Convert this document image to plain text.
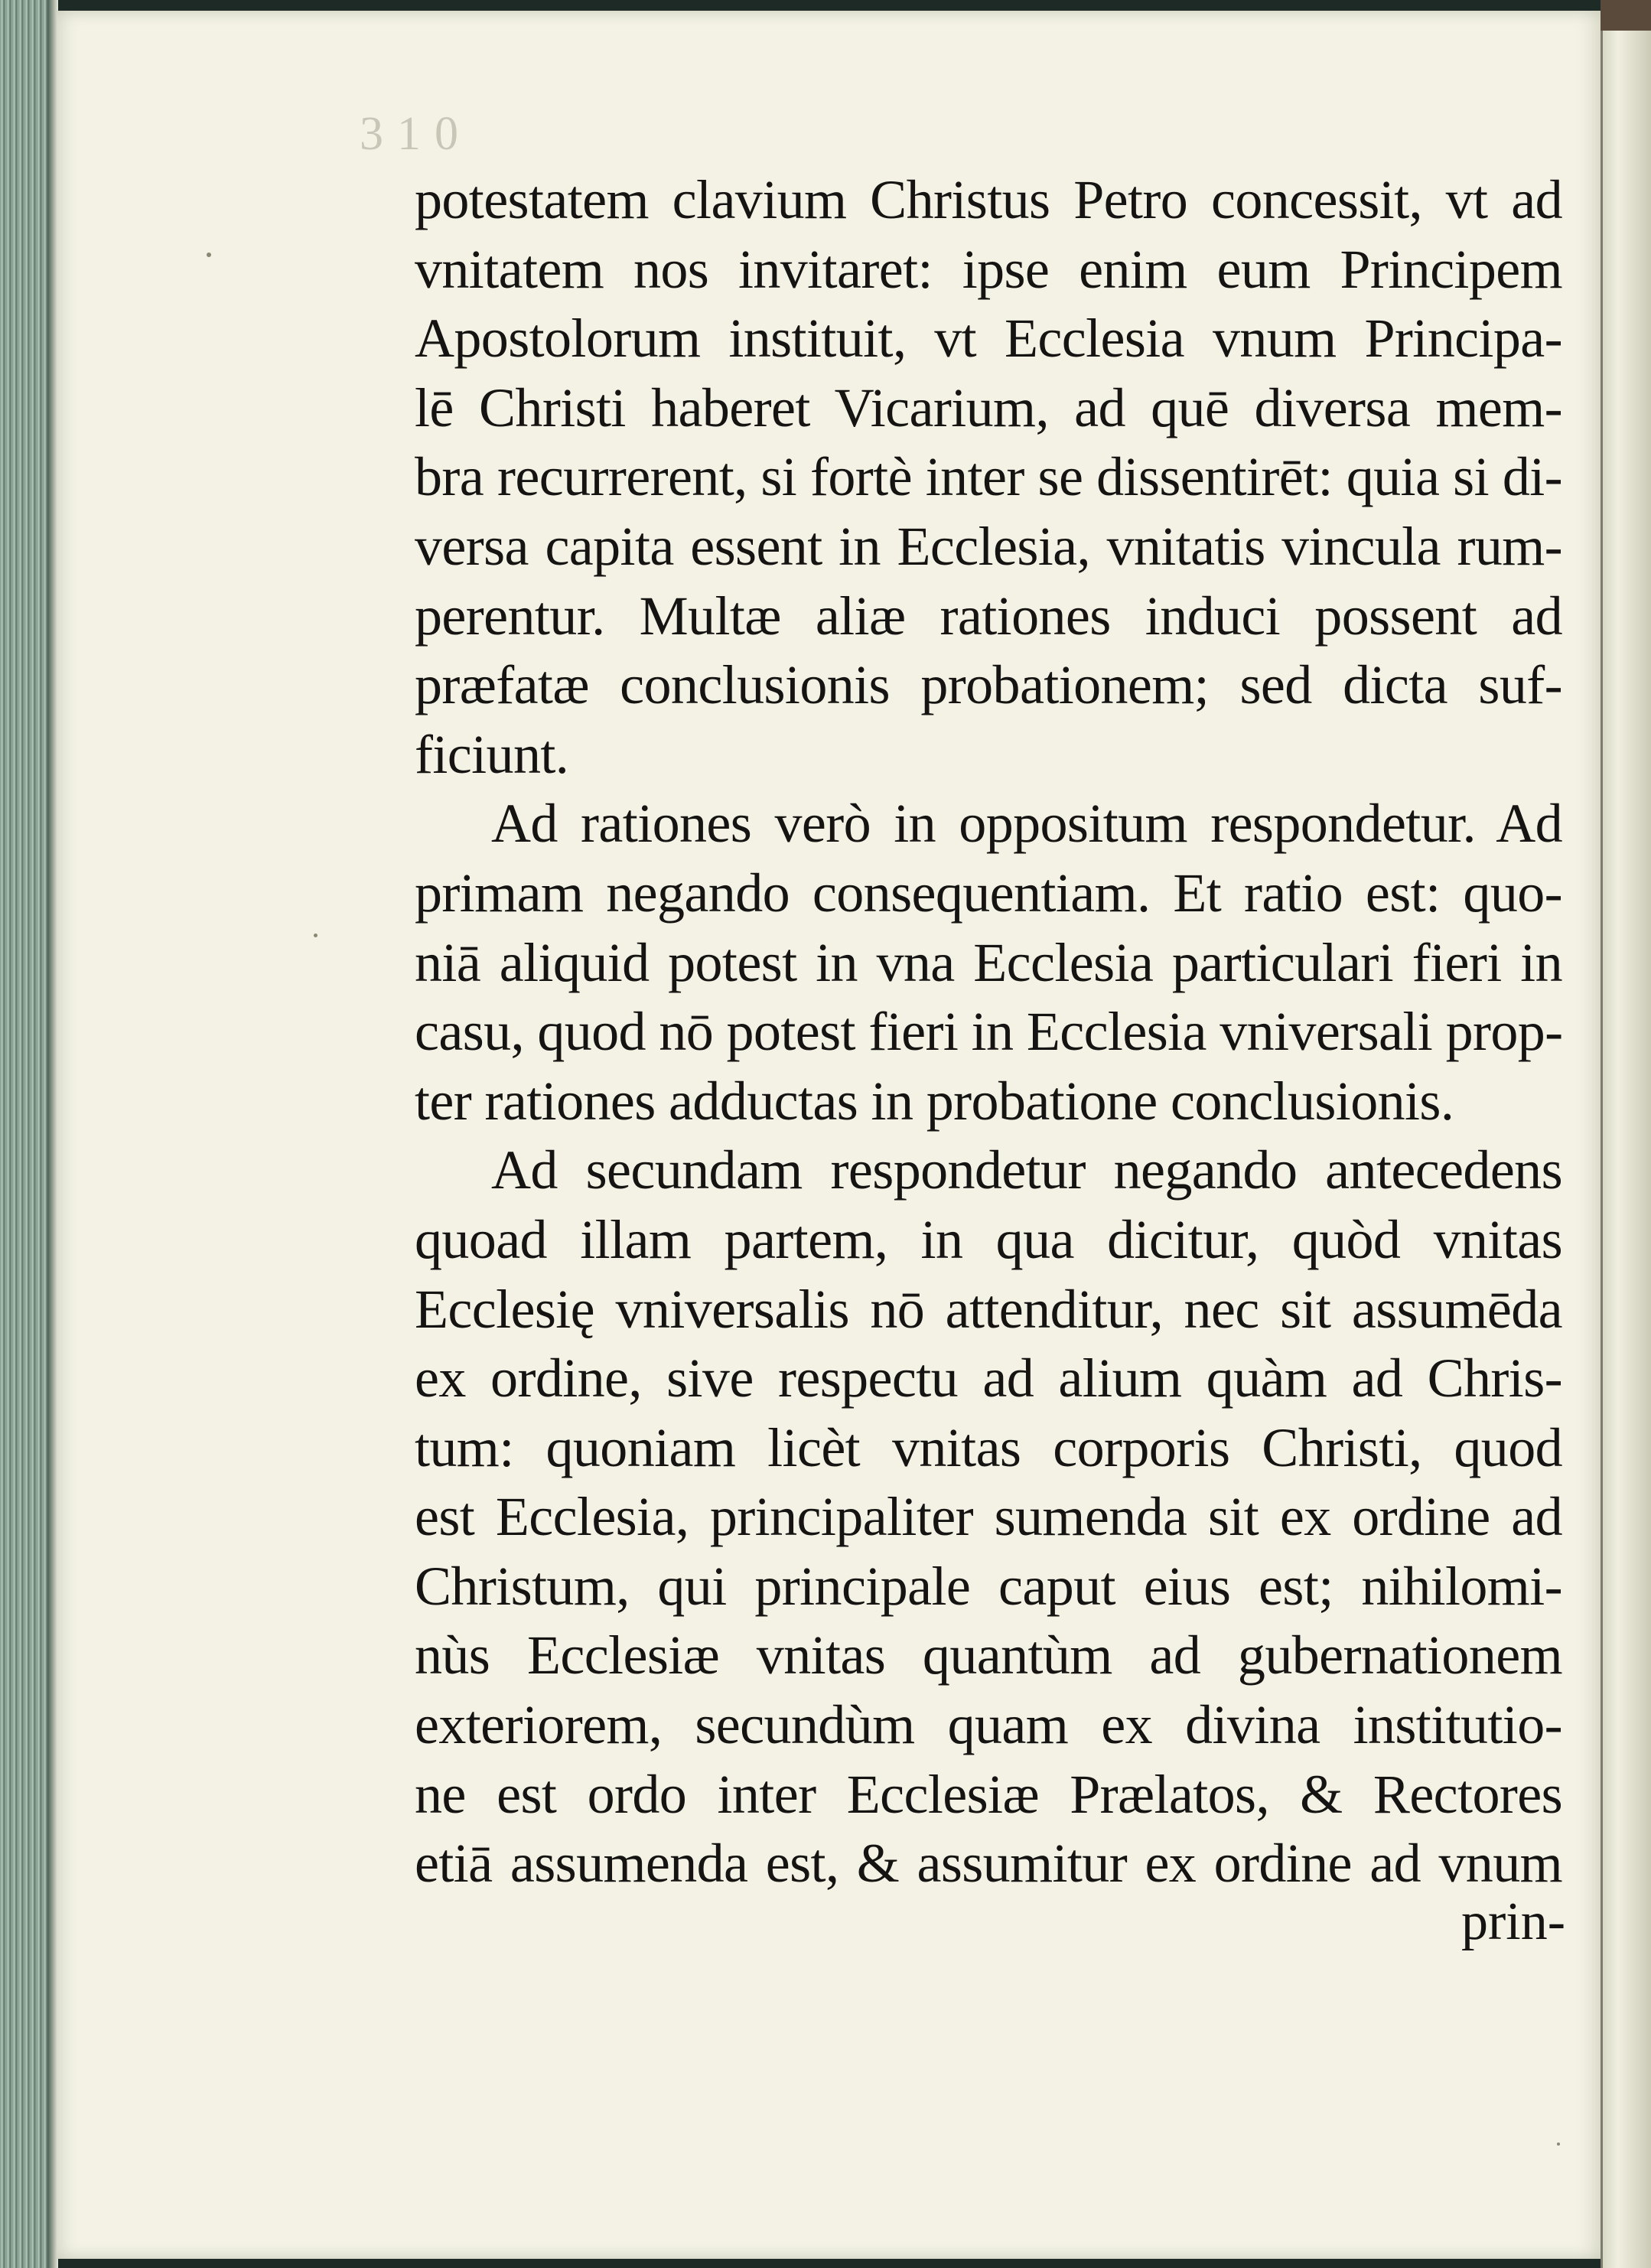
310
potestatem clavium Christus Petro concessit, vt ad
vnitatem nos invitaret: ipse enim eum Principem
Apostolorum instituit, vt Ecclesia vnum Principa-
lē Christi haberet Vicarium, ad quē diversa mem-
bra recurrerent, si fortè inter se dissentirēt: quia si di-
versa capita essent in Ecclesia, vnitatis vincula rum-
perentur. Multæ aliæ rationes induci possent ad
præfatæ conclusionis probationem; sed dicta suf-
ficiunt.
Ad rationes verò in oppositum respondetur. Ad
primam negando consequentiam. Et ratio est: quo-
niā aliquid potest in vna Ecclesia particulari fieri in
casu, quod nō potest fieri in Ecclesia vniversali prop-
ter rationes adductas in probatione conclusionis.
Ad secundam respondetur negando antecedens
quoad illam partem, in qua dicitur, quòd vnitas
Ecclesię vniversalis nō attenditur, nec sit assumēda
ex ordine, sive respectu ad alium quàm ad Chris-
tum: quoniam licèt vnitas corporis Christi, quod
est Ecclesia, principaliter sumenda sit ex ordine ad
Christum, qui principale caput eius est; nihilomi-
nùs Ecclesiæ vnitas quantùm ad gubernationem
exteriorem, secundùm quam ex divina institutio-
ne est ordo inter Ecclesiæ Prælatos, & Rectores
etiā assumenda est, & assumitur ex ordine ad vnum
prin-
